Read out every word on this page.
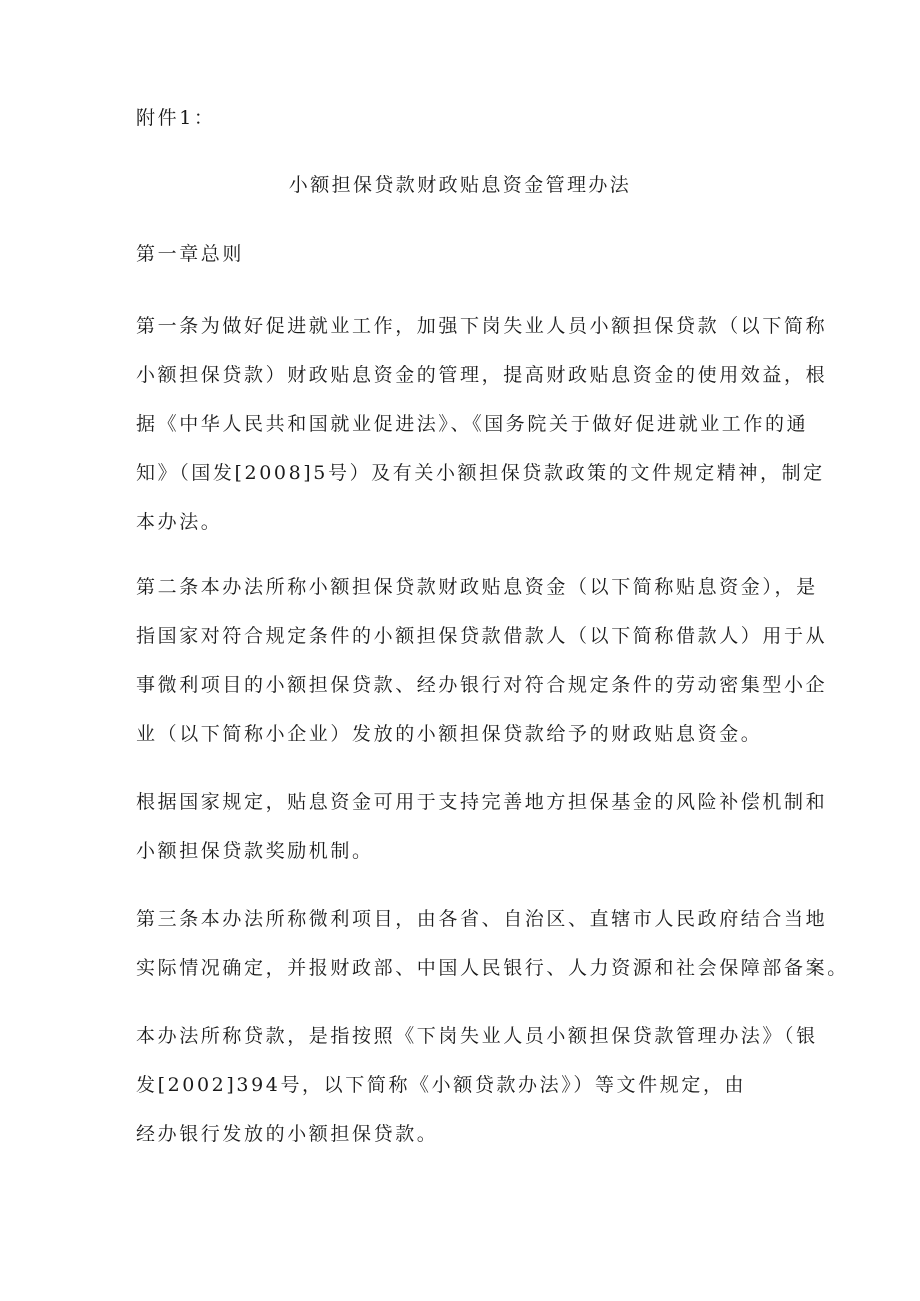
附件1：
小额担保贷款财政贴息资金管理办法
第一章总则
第一条为做好促进就业工作，加强下岗失业人员小额担保贷款（以下简称
小额担保贷款）财政贴息资金的管理，提高财政贴息资金的使用效益，根
据《中华人民共和国就业促进法》、《国务院关于做好促进就业工作的通
知》（国发[2008]5号）及有关小额担保贷款政策的文件规定精神，制定
本办法。
第二条本办法所称小额担保贷款财政贴息资金（以下简称贴息资金），是
指国家对符合规定条件的小额担保贷款借款人（以下简称借款人）用于从
事微利项目的小额担保贷款、经办银行对符合规定条件的劳动密集型小企
业（以下简称小企业）发放的小额担保贷款给予的财政贴息资金。
根据国家规定，贴息资金可用于支持完善地方担保基金的风险补偿机制和
小额担保贷款奖励机制。
第三条本办法所称微利项目，由各省、自治区、直辖市人民政府结合当地
实际情况确定，并报财政部、中国人民银行、人力资源和社会保障部备案。
本办法所称贷款，是指按照《下岗失业人员小额担保贷款管理办法》（银
发[2002]394号，以下简称《小额贷款办法》）等文件规定，由
经办银行发放的小额担保贷款。
